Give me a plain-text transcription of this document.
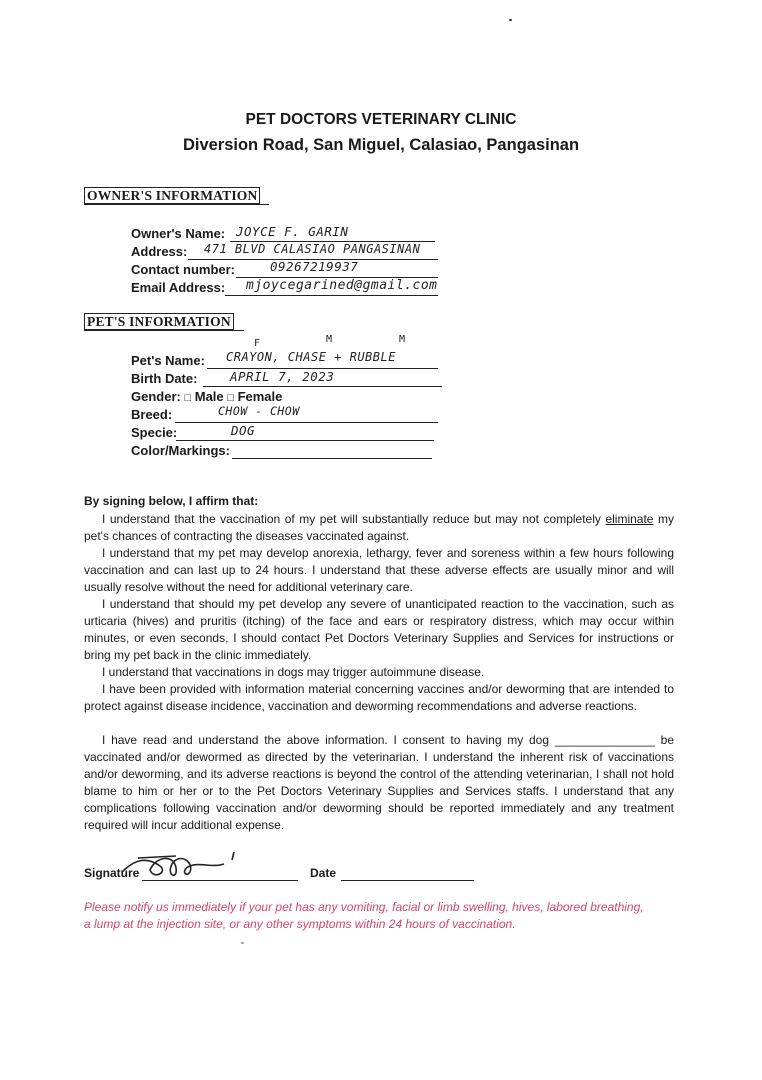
PET DOCTORS VETERINARY CLINIC
Diversion Road, San Miguel, Calasiao, Pangasinan
OWNER'S INFORMATION
Owner's Name: JOYCE F. GARIN
Address: 471 BLVD CALASIAO PANGASINAN
Contact number:	09267219937
Email Address: mjoycegarined@gmail.com
PET'S INFORMATION
F	M	M
Pet's Name: CRAYON, CHASE + RUBBLE
Birth Date:	APRIL 7, 2023
Gender: □ Male □ Female
Breed:	CHOW - CHOW
Specie:	DOG
Color/Markings:
By signing below, I affirm that:
I understand that the vaccination of my pet will substantially reduce but may not completely eliminate my pet's chances of contracting the diseases vaccinated against.
I understand that my pet may develop anorexia, lethargy, fever and soreness within a few hours following vaccination and can last up to 24 hours. I understand that these adverse effects are usually minor and will usually resolve without the need for additional veterinary care.
I understand that should my pet develop any severe of unanticipated reaction to the vaccination, such as urticaria (hives) and pruritis (itching) of the face and ears or respiratory distress, which may occur within minutes, or even seconds, I should contact Pet Doctors Veterinary Supplies and Services for instructions or bring my pet back in the clinic immediately.
I understand that vaccinations in dogs may trigger autoimmune disease.
I have been provided with information material concerning vaccines and/or deworming that are intended to protect against disease incidence, vaccination and deworming recommendations and adverse reactions.
I have read and understand the above information. I consent to having my dog _______________ be vaccinated and/or dewormed as directed by the veterinarian. I understand the inherent risk of vaccinations and/or deworming, and its adverse reactions is beyond the control of the attending veterinarian, I shall not hold blame to him or her or to the Pet Doctors Veterinary Supplies and Services staffs. I understand that any complications following vaccination and/or deworming should be reported immediately and any treatment required will incur additional expense.
Signature	Date
Please notify us immediately if your pet has any vomiting, facial or limb swelling, hives, labored breathing, a lump at the injection site, or any other symptoms within 24 hours of vaccination.
